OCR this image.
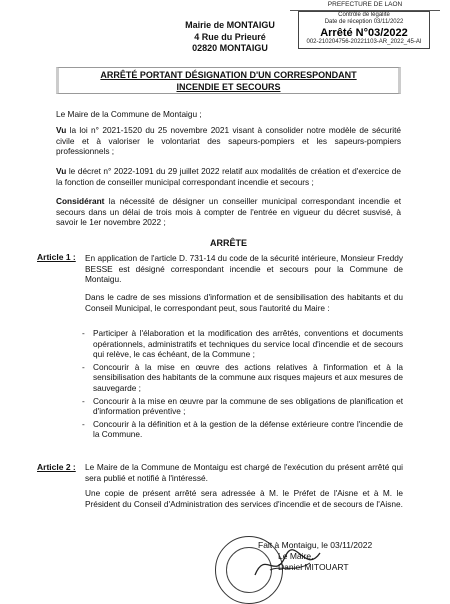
PREFECTURE DE LAON
Contrôle de légalité
Date de réception 03/11/2022
Arrêté N°03/2022
002-210204756-20221103-AR_2022_45-AI
Mairie de MONTAIGU
4 Rue du Prieuré
02820 MONTAIGU
ARRÊTÉ PORTANT DÉSIGNATION D'UN CORRESPONDANT
INCENDIE ET SECOURS
Le Maire de la Commune de Montaigu ;
Vu la loi n° 2021-1520 du 25 novembre 2021 visant à consolider notre modèle de sécurité civile et à valoriser le volontariat des sapeurs-pompiers et les sapeurs-pompiers professionnels ;
Vu le décret n° 2022-1091 du 29 juillet 2022 relatif aux modalités de création et d'exercice de la fonction de conseiller municipal correspondant incendie et secours ;
Considérant la nécessité de désigner un conseiller municipal correspondant incendie et secours dans un délai de trois mois à compter de l'entrée en vigueur du décret susvisé, à savoir le 1er novembre 2022 ;
ARRÊTE
Article 1 : En application de l'article D. 731-14 du code de la sécurité intérieure, Monsieur Freddy BESSE est désigné correspondant incendie et secours pour la Commune de Montaigu.
Dans le cadre de ses missions d'information et de sensibilisation des habitants et du Conseil Municipal, le correspondant peut, sous l'autorité du Maire :
- Participer à l'élaboration et la modification des arrêtés, conventions et documents opérationnels, administratifs et techniques du service local d'incendie et de secours qui relève, le cas échéant, de la Commune ;
- Concourir à la mise en œuvre des actions relatives à l'information et à la sensibilisation des habitants de la commune aux risques majeurs et aux mesures de sauvegarde ;
- Concourir à la mise en œuvre par la commune de ses obligations de planification et d'information préventive ;
- Concourir à la définition et à la gestion de la défense extérieure contre l'incendie de la Commune.
Article 2 : Le Maire de la Commune de Montaigu est chargé de l'exécution du présent arrêté qui sera publié et notifié à l'intéressé.
Une copie de présent arrêté sera adressée à M. le Préfet de l'Aisne et à M. le Président du Conseil d'Administration des services d'incendie et de secours de l'Aisne.
Fait à Montaigu, le 03/11/2022
Le Maire,
Daniel MITOUART
